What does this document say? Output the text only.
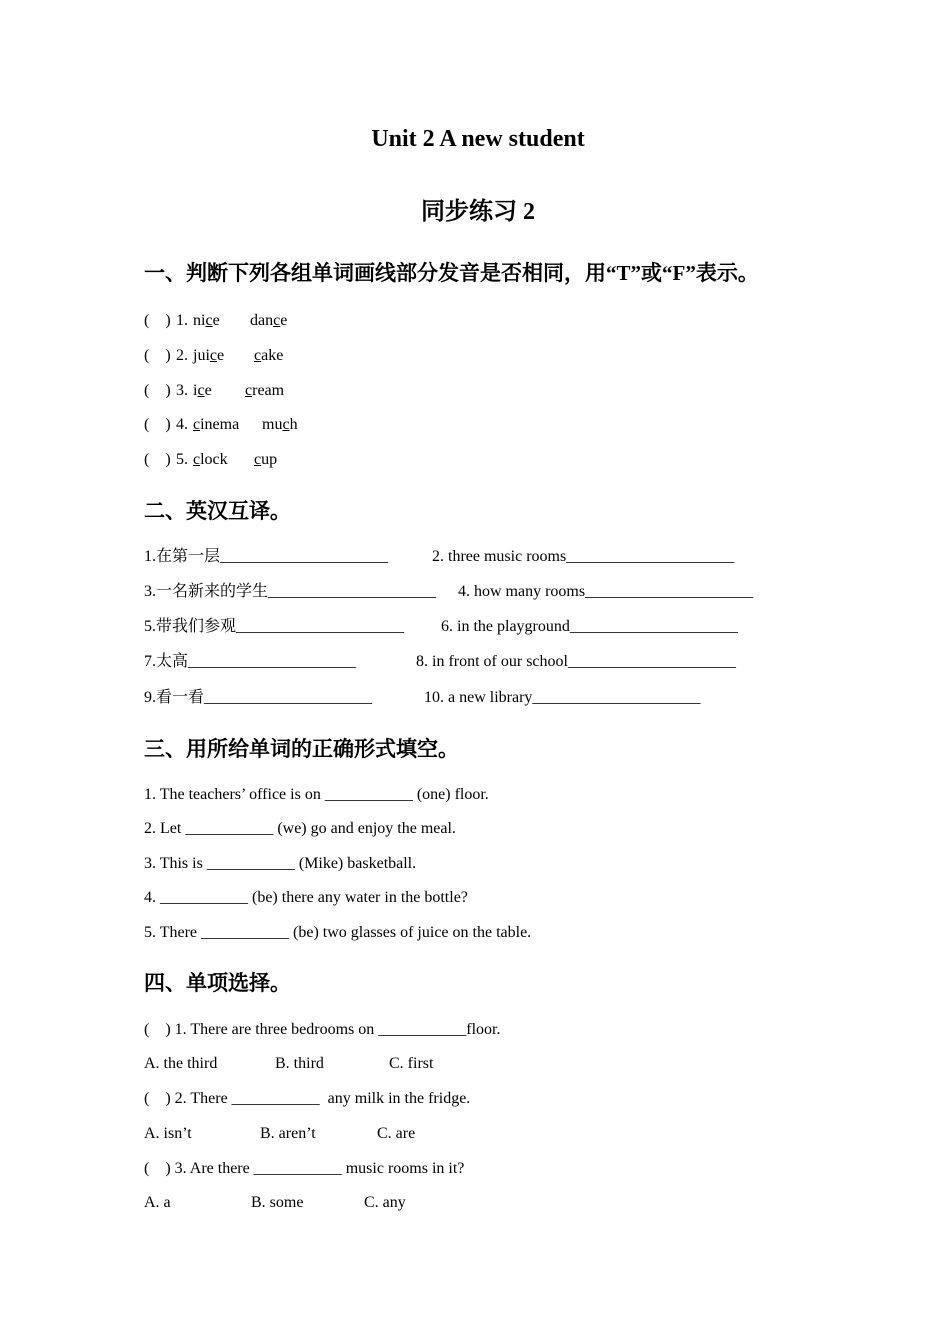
Unit 2 A new student
同步练习 2
一、判断下列各组单词画线部分发音是否相同，用“T”或“F”表示。
(    ) 1. nice dance
(    ) 2. juice cake
(    ) 3. ice cream
(    ) 4. cinema much
(    ) 5. clock cup
二、英汉互译。
1.在第一层_____________________	2. three music rooms_____________________
3.一名新来的学生_____________________ 4. how many rooms_____________________
5.带我们参观_____________________ 6. in the playground_____________________
7.太高_____________________	8. in front of our school_____________________
9.看一看_____________________	10. a new library_____________________
三、用所给单词的正确形式填空。
1. The teachers’ office is on ___________ (one) floor.
2. Let ___________ (we) go and enjoy the meal.
3. This is ___________ (Mike) basketball.
4. ___________ (be) there any water in the bottle?
5. There ___________ (be) two glasses of juice on the table.
四、单项选择。
(    ) 1. There are three bedrooms on ___________floor.
A. the third	B. third	C. first
(    ) 2. There ___________  any milk in the fridge.
A. isn’t	B. aren’t	C. are
(    ) 3. Are there ___________ music rooms in it?
A. a	B. some	C. any
